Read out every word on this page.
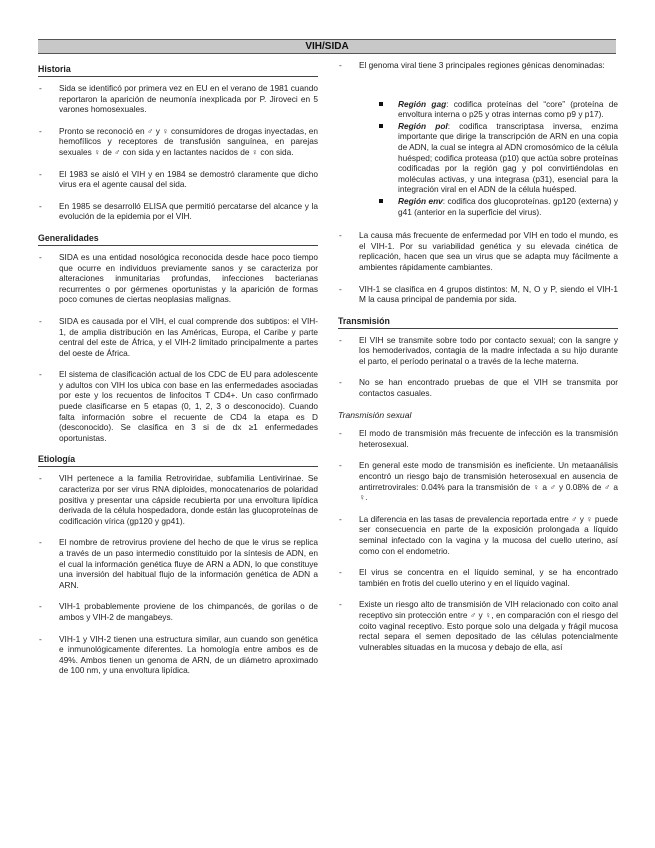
VIH/SIDA
Historia
- Sida se identificó por primera vez en EU en el verano de 1981 cuando reportaron la aparición de neumonía inexplicada por P. Jiroveci en 5 varones homosexuales.
- Pronto se reconoció en ♂ y ♀ consumidores de drogas inyectadas, en hemofílicos y receptores de transfusión sanguínea, en parejas sexuales ♀ de ♂ con sida y en lactantes nacidos de ♀ con sida.
- El 1983 se aisló el VIH y en 1984 se demostró claramente que dicho virus era el agente causal del sida.
- En 1985 se desarrolló ELISA que permitió percatarse del alcance y la evolución de la epidemia por el VIH.
Generalidades
- SIDA es una entidad nosológica reconocida desde hace poco tiempo que ocurre en individuos previamente sanos y se caracteriza por alteraciones inmunitarias profundas, infecciones bacterianas recurrentes o por gérmenes oportunistas y la aparición de formas poco comunes de ciertas neoplasias malignas.
- SIDA es causada por el VIH, el cual comprende dos subtipos: el VIH-1, de amplia distribución en las Américas, Europa, el Caribe y parte central del este de África, y el VIH-2 limitado principalmente a partes del oeste de África.
- El sistema de clasificación actual de los CDC de EU para adolescente y adultos con VIH los ubica con base en las enfermedades asociadas por este y los recuentos de linfocitos T CD4+. Un caso confirmado puede clasificarse en 5 etapas (0, 1, 2, 3 o desconocido). Cuando falta información sobre el recuente de CD4 la etapa es D (desconocido). Se clasifica en 3 si de dx ≥1 enfermedades oportunistas.
Etiología
- VIH pertenece a la familia Retroviridae, subfamilia Lentivirinae. Se caracteriza por ser virus RNA diploides, monocatenarios de polaridad positiva y presentar una cápside recubierta por una envoltura lipídica derivada de la célula hospedadora, donde están las glucoproteínas de codificación vírica (gp120 y gp41).
- El nombre de retrovirus proviene del hecho de que le virus se replica a través de un paso intermedio constituido por la síntesis de ADN, en el cual la información genética fluye de ARN a ADN, lo que constituye una inversión del habitual flujo de la información genética de ADN a ARN.
- VIH-1 probablemente proviene de los chimpancés, de gorilas o de ambos y VIH-2 de mangabeys.
- VIH-1 y VIH-2 tienen una estructura similar, aun cuando son genética e inmunológicamente diferentes. La homología entre ambos es de 49%. Ambos tienen un genoma de ARN, de un diámetro aproximado de 100 nm, y una envoltura lipídica.
- El genoma viral tiene 3 principales regiones génicas denominadas:
Región gag: codifica proteínas del “core” (proteína de envoltura interna o p25 y otras internas como p9 y p17).
Región pol: codifica transcriptasa inversa, enzima importante que dirige la transcripción de ARN en una copia de ADN, la cual se integra al ADN cromosómico de la célula huésped; codifica proteasa (p10) que actúa sobre proteínas codificadas por la región gag y pol convirtiéndolas en moléculas activas, y una integrasa (p31), esencial para la integración viral en el ADN de la célula huésped.
Región env: codifica dos glucoproteínas. gp120 (externa) y g41 (anterior en la superficie del virus).
- La causa más frecuente de enfermedad por VIH en todo el mundo, es el VIH-1. Por su variabilidad genética y su elevada cinética de replicación, hacen que sea un virus que se adapta muy fácilmente a ambientes rápidamente cambiantes.
- VIH-1 se clasifica en 4 grupos distintos: M, N, O y P, siendo el VIH-1 M la causa principal de pandemia por sida.
Transmisión
- El VIH se transmite sobre todo por contacto sexual; con la sangre y los hemoderivados, contagia de la madre infectada a su hijo durante el parto, el período perinatal o a través de la leche materna.
- No se han encontrado pruebas de que el VIH se transmita por contactos casuales.
Transmisión sexual
- El modo de transmisión más frecuente de infección es la transmisión heterosexual.
- En general este modo de transmisión es ineficiente. Un metaanálisis encontró un riesgo bajo de transmisión heterosexual en ausencia de antirretrovirales: 0.04% para la transmisión de ♀ a ♂ y 0.08% de ♂ a ♀.
- La diferencia en las tasas de prevalencia reportada entre ♂ y ♀ puede ser consecuencia en parte de la exposición prolongada a líquido seminal infectado con la vagina y la mucosa del cuello uterino, así como con el endometrio.
- El virus se concentra en el líquido seminal, y se ha encontrado también en frotis del cuello uterino y en el líquido vaginal.
- Existe un riesgo alto de transmisión de VIH relacionado con coito anal receptivo sin protección entre ♂ y ♀, en comparación con el riesgo del coito vaginal receptivo. Esto porque solo una delgada y frágil mucosa rectal separa el semen depositado de las células potencialmente vulnerables situadas en la mucosa y debajo de ella, así
